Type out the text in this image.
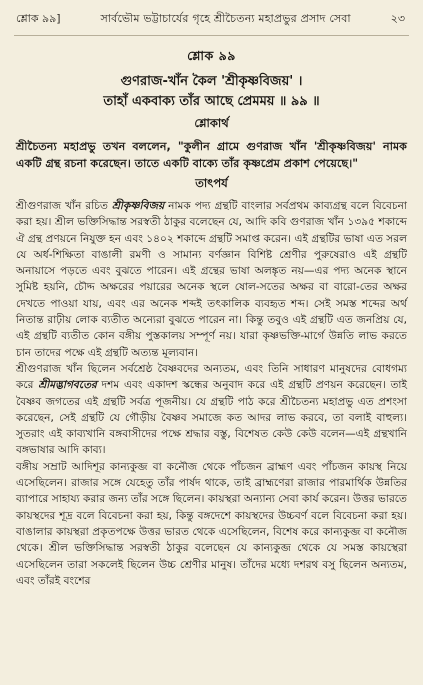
শ্লোক ৯৯]	সার্বভৌম ভট্টাচার্যের গৃহে শ্রীচৈতন্য মহাপ্রভুর প্রসাদ সেবা	২৩
শ্লোক ৯৯
গুণরাজ-খাঁন কৈল 'শ্রীকৃষ্ণবিজয়' ।
তাহাঁ একবাক্য তাঁর আছে প্রেমময় ॥ ৯৯ ॥
শ্লোকার্থ
শ্রীচৈতন্য মহাপ্রভু তখন বললেন, "কুলীন গ্রামে গুণরাজ খাঁন 'শ্রীকৃষ্ণবিজয়' নামক একটি গ্রন্থ রচনা করেছেন। তাতে একটি বাক্যে তাঁর কৃষ্ণপ্রেম প্রকাশ পেয়েছে।"
তাৎপর্য

শ্রীগুণরাজ খাঁন রচিত শ্রীকৃষ্ণবিজয় নামক পদ্য গ্রন্থটি বাংলার সর্বপ্রথম কাব্যগ্রন্থ বলে বিবেচনা করা হয়। শ্রীল ভক্তিসিদ্ধান্ত সরস্বতী ঠাকুর বলেছেন যে, আদি কবি গুণরাজ খাঁন ১৩৯৫ শকাব্দে ঐ গ্রন্থ প্রণয়নে নিযুক্ত হন এবং ১৪০২ শকাব্দে গ্রন্থটি সমাপ্ত করেন। এই গ্রন্থটির ভাষা এত সরল যে অর্ধ-শিক্ষিতা বাঙালী রমণী ও সামান্য বর্ণজ্ঞান বিশিষ্ট শ্রেণীর পুরুষেরাও এই গ্রন্থটি অনায়াসে পড়তে এবং বুঝতে পারেন। এই গ্রন্থের ভাষা অলঙ্কৃত নয়—এর পদ্য অনেক স্থানে সুমিষ্ট হয়নি, চৌদ্দ অক্ষরের পয়ারের অনেক স্থলে ষোল-সতের অক্ষর বা বারো-তের অক্ষর দেখতে পাওয়া যায়, এবং এর অনেক শব্দই তৎকালিক ব্যবহৃত শব্দ। সেই সমস্ত শব্দের অর্থ নিতান্ত রাঢ়ীয় লোক ব্যতীত অন্যেরা বুঝতে পারেন না। কিন্তু তবুও এই গ্রন্থটি এত জনপ্রিয় যে, এই গ্রন্থটি ব্যতীত কোন বঙ্গীয় পুস্তকালয় সম্পূর্ণ নয়। যারা কৃষ্ণভক্তি-মার্গে উন্নতি লাভ করতে চান তাদের পক্ষে এই গ্রন্থটি অত্যন্ত মূল্যবান।

শ্রীগুণরাজ খাঁন ছিলেন সর্বশ্রেষ্ঠ বৈষ্ণবদের অন্যতম, এবং তিনি সাধারণ মানুষদের বোধগম্য করে শ্রীমদ্ভাগবতের দশম এবং একাদশ স্কন্ধের অনুবাদ করে এই গ্রন্থটি প্রণয়ন করেছেন। তাই বৈষ্ণব জগতের এই গ্রন্থটি সর্বত্র পূজনীয়। যে গ্রন্থটি পাঠ করে শ্রীচৈতন্য মহাপ্রভু এত প্রশংসা করেছেন, সেই গ্রন্থটি যে গৌড়ীয় বৈষ্ণব সমাজে কত আদর লাভ করবে, তা বলাই বাহুল্য। সুতরাং এই কাব্যখানি বঙ্গবাসীদের পক্ষে শ্রদ্ধার বস্তু, বিশেষত কেউ কেউ বলেন—এই গ্রন্থখানি বঙ্গভাষার আদি কাব্য।

বঙ্গীয় সম্রাট আদিশূর কান্যকুব্জ বা কনৌজ থেকে পাঁচজন ব্রাহ্মণ এবং পাঁচজন কায়স্থ নিয়ে এসেছিলেন। রাজার সঙ্গে যেহেতু তাঁর পার্ষদ থাকে, তাই ব্রাহ্মণেরা রাজার পারমার্থিক উন্নতির ব্যাপারে সাহায্য করার জন্য তাঁর সঙ্গে ছিলেন। কায়স্থরা অন্যান্য সেবা কার্য করেন। উত্তর ভারতে কায়স্থদের শূদ্র বলে বিবেচনা করা হয়, কিন্তু বঙ্গদেশে কায়স্থদের উচ্চবর্ণ বলে বিবেচনা করা হয়। বাঙালার কায়স্থরা প্রকৃতপক্ষে উত্তর ভারত থেকে এসেছিলেন, বিশেষ করে কান্যকুব্জ বা কনৌজ থেকে। শ্রীল ভক্তিসিদ্ধান্ত সরস্বতী ঠাকুর বলেছেন যে কান্যকুব্জ থেকে যে সমস্ত কায়স্থেরা এসেছিলেন তারা সকলেই ছিলেন উচ্চ শ্রেণীর মানুষ। তাঁদের মধ্যে দশরথ বসু ছিলেন অন্যতম, এবং তাঁরই বংশের
